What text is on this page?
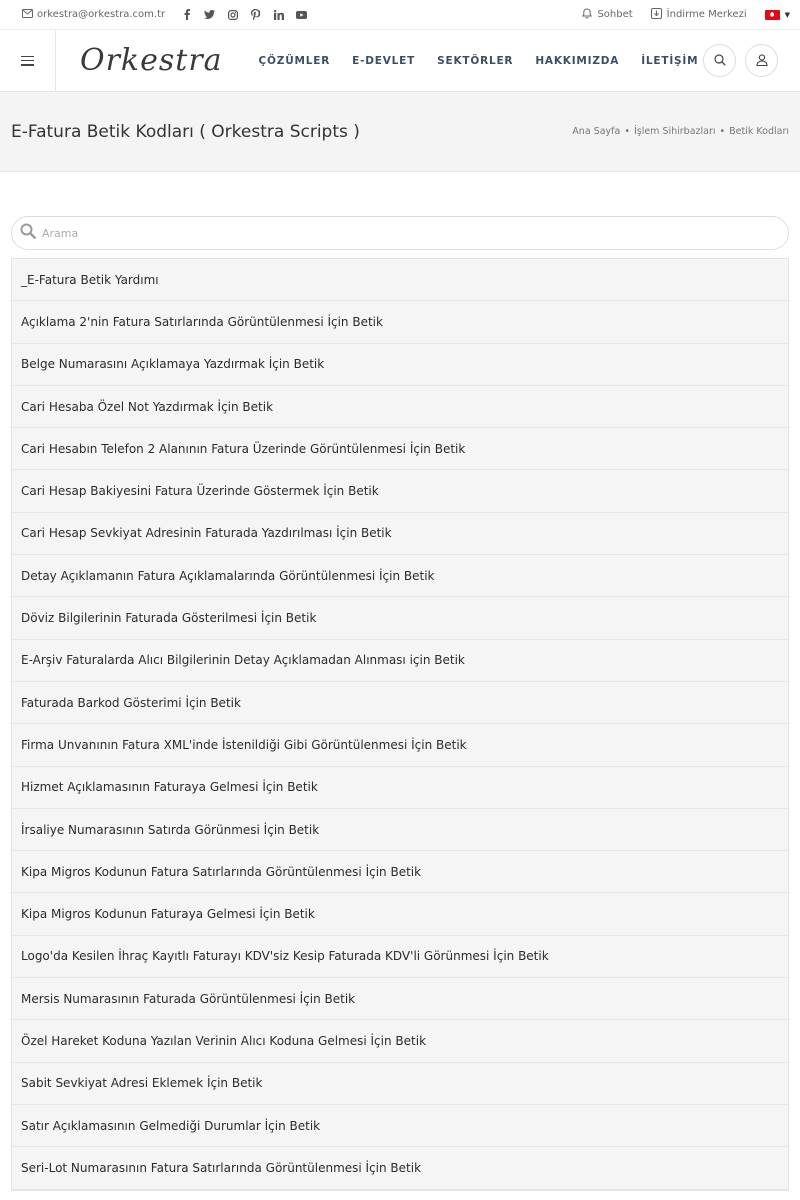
orkestra@orkestra.com.tr	Sohbet	İndirme Merkezi	▼
Orkestra	ÇÖZÜMLER E-DEVLET SEKTÖRLER HAKKIMIZDA İLETİŞİM
E-Fatura Betik Kodları ( Orkestra Scripts )	Ana Sayfa • İşlem Sihirbazları • Betik Kodları
Arama
_E-Fatura Betik Yardımı
Açıklama 2'nin Fatura Satırlarında Görüntülenmesi İçin Betik
Belge Numarasını Açıklamaya Yazdırmak İçin Betik
Cari Hesaba Özel Not Yazdırmak İçin Betik
Cari Hesabın Telefon 2 Alanının Fatura Üzerinde Görüntülenmesi İçin Betik
Cari Hesap Bakiyesini Fatura Üzerinde Göstermek İçin Betik
Cari Hesap Sevkiyat Adresinin Faturada Yazdırılması İçin Betik
Detay Açıklamanın Fatura Açıklamalarında Görüntülenmesi İçin Betik
Döviz Bilgilerinin Faturada Gösterilmesi İçin Betik
E-Arşiv Faturalarda Alıcı Bilgilerinin Detay Açıklamadan Alınması için Betik
Faturada Barkod Gösterimi İçin Betik
Firma Unvanının Fatura XML'inde İstenildiği Gibi Görüntülenmesi İçin Betik
Hizmet Açıklamasının Faturaya Gelmesi İçin Betik
İrsaliye Numarasının Satırda Görünmesi İçin Betik
Kipa Migros Kodunun Fatura Satırlarında Görüntülenmesi İçin Betik
Kipa Migros Kodunun Faturaya Gelmesi İçin Betik
Logo'da Kesilen İhraç Kayıtlı Faturayı KDV'siz Kesip Faturada KDV'li Görünmesi İçin Betik
Mersis Numarasının Faturada Görüntülenmesi İçin Betik
Özel Hareket Koduna Yazılan Verinin Alıcı Koduna Gelmesi İçin Betik
Sabit Sevkiyat Adresi Eklemek İçin Betik
Satır Açıklamasının Gelmediği Durumlar İçin Betik
Seri-Lot Numarasının Fatura Satırlarında Görüntülenmesi İçin Betik
